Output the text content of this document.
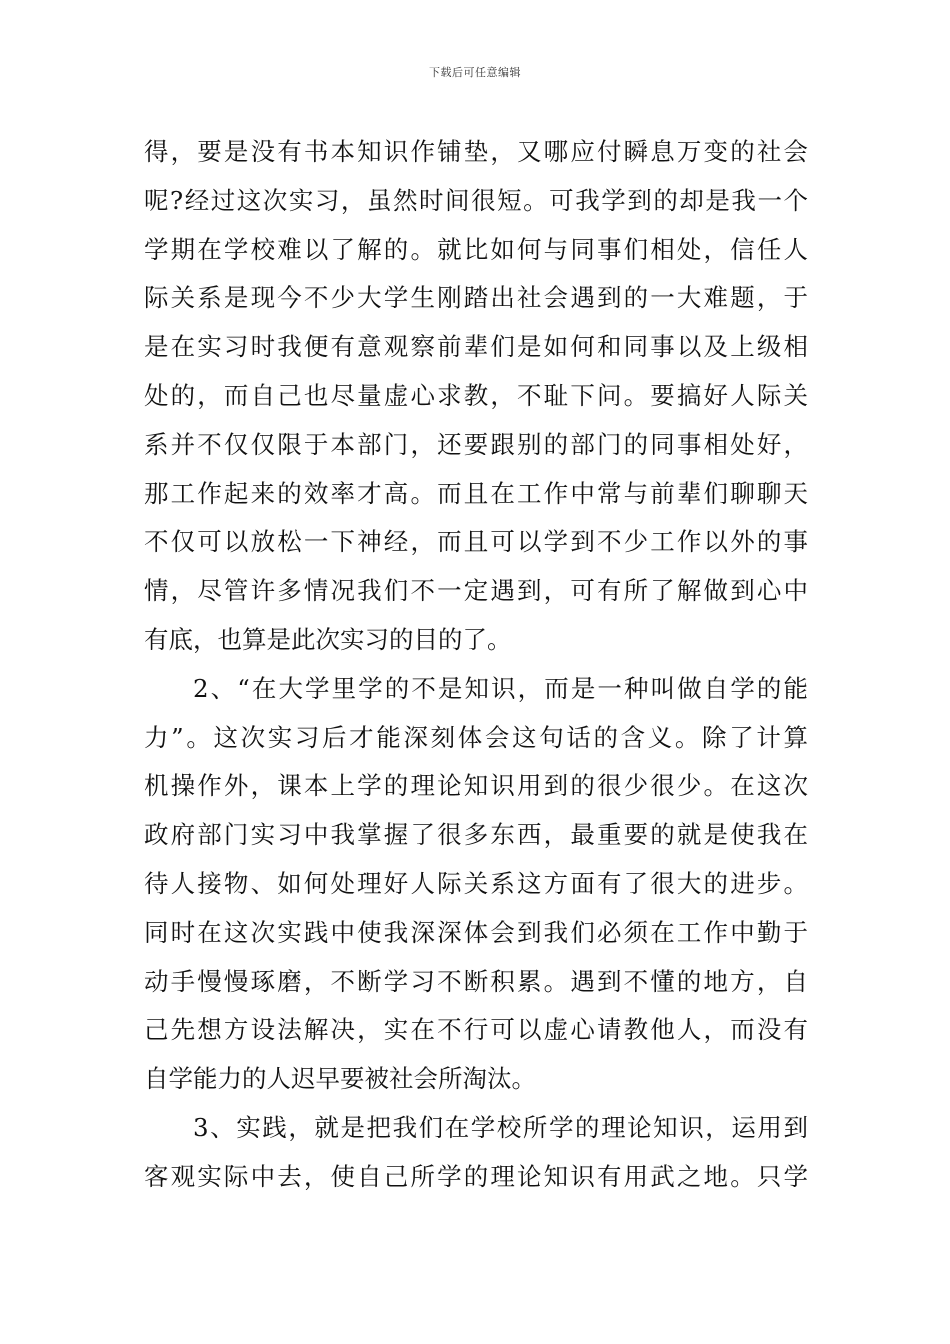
下载后可任意编辑
得，要是没有书本知识作铺垫，又哪应付瞬息万变的社会
呢?经过这次实习，虽然时间很短。可我学到的却是我一个
学期在学校难以了解的。就比如何与同事们相处，信任人
际关系是现今不少大学生刚踏出社会遇到的一大难题，于
是在实习时我便有意观察前辈们是如何和同事以及上级相
处的，而自己也尽量虚心求教，不耻下问。要搞好人际关
系并不仅仅限于本部门，还要跟别的部门的同事相处好，
那工作起来的效率才高。而且在工作中常与前辈们聊聊天
不仅可以放松一下神经，而且可以学到不少工作以外的事
情，尽管许多情况我们不一定遇到，可有所了解做到心中
有底，也算是此次实习的目的了。
2、“在大学里学的不是知识，而是一种叫做自学的能
力”。这次实习后才能深刻体会这句话的含义。除了计算
机操作外，课本上学的理论知识用到的很少很少。在这次
政府部门实习中我掌握了很多东西，最重要的就是使我在
待人接物、如何处理好人际关系这方面有了很大的进步。
同时在这次实践中使我深深体会到我们必须在工作中勤于
动手慢慢琢磨，不断学习不断积累。遇到不懂的地方，自
己先想方设法解决，实在不行可以虚心请教他人，而没有
自学能力的人迟早要被社会所淘汰。
3、实践，就是把我们在学校所学的理论知识，运用到
客观实际中去，使自己所学的理论知识有用武之地。只学
